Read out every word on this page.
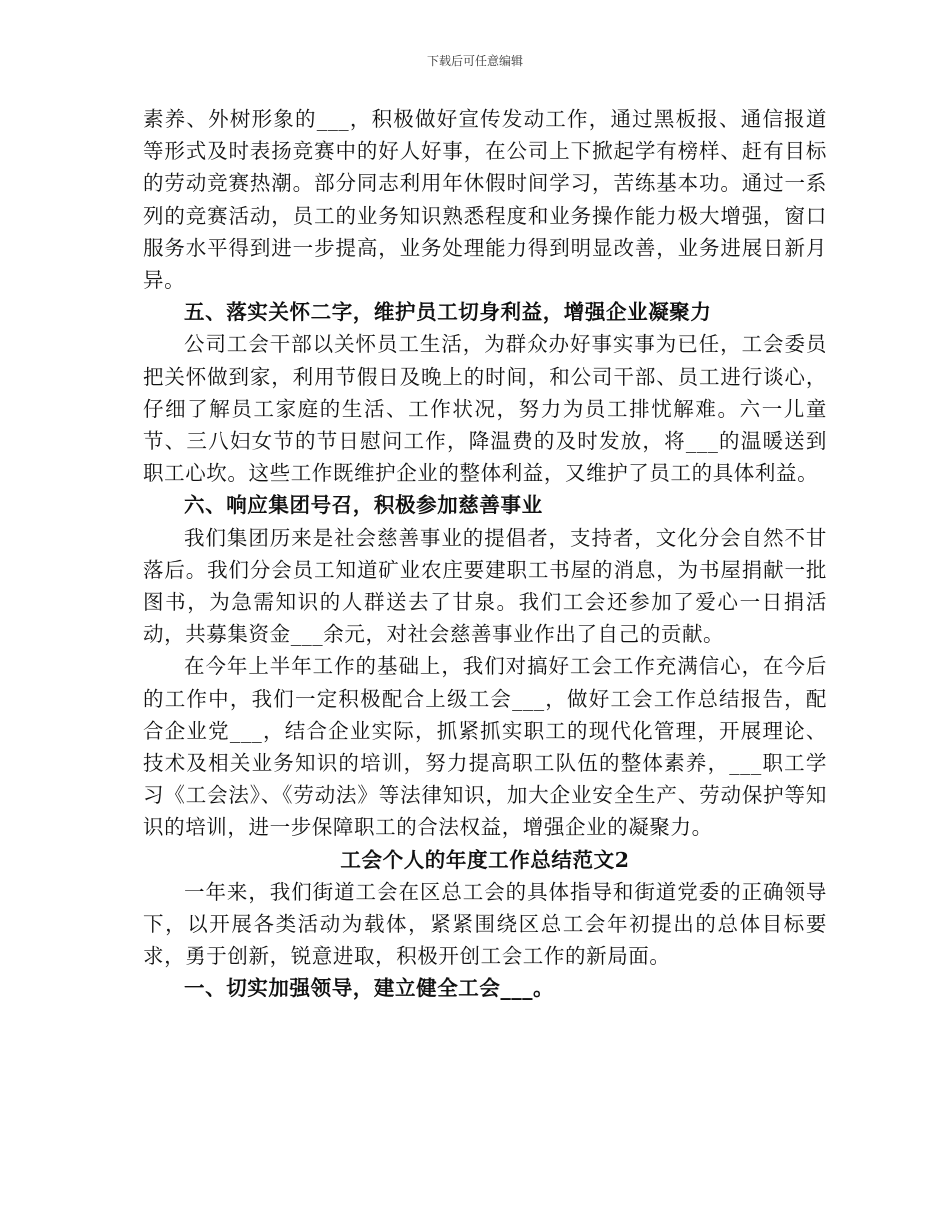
下载后可任意编辑

素养、外树形象的___，积极做好宣传发动工作，通过黑板报、通信报道等形式及时表扬竞赛中的好人好事，在公司上下掀起学有榜样、赶有目标的劳动竞赛热潮。部分同志利用年休假时间学习，苦练基本功。通过一系列的竞赛活动，员工的业务知识熟悉程度和业务操作能力极大增强，窗口服务水平得到进一步提高，业务处理能力得到明显改善，业务进展日新月异。

五、落实关怀二字，维护员工切身利益，增强企业凝聚力

公司工会干部以关怀员工生活，为群众办好事实事为已任，工会委员把关怀做到家，利用节假日及晚上的时间，和公司干部、员工进行谈心，仔细了解员工家庭的生活、工作状况，努力为员工排忧解难。六一儿童节、三八妇女节的节日慰问工作，降温费的及时发放，将___的温暖送到职工心坎。这些工作既维护企业的整体利益，又维护了员工的具体利益。

六、响应集团号召，积极参加慈善事业

我们集团历来是社会慈善事业的提倡者，支持者，文化分会自然不甘落后。我们分会员工知道矿业农庄要建职工书屋的消息，为书屋捐献一批图书，为急需知识的人群送去了甘泉。我们工会还参加了爱心一日捐活动，共募集资金___余元，对社会慈善事业作出了自己的贡献。

在今年上半年工作的基础上，我们对搞好工会工作充满信心，在今后的工作中，我们一定积极配合上级工会___，做好工会工作总结报告，配合企业党___，结合企业实际，抓紧抓实职工的现代化管理，开展理论、技术及相关业务知识的培训，努力提高职工队伍的整体素养，___职工学习《工会法》、《劳动法》等法律知识，加大企业安全生产、劳动保护等知识的培训，进一步保障职工的合法权益，增强企业的凝聚力。

工会个人的年度工作总结范文2

一年来，我们街道工会在区总工会的具体指导和街道党委的正确领导下，以开展各类活动为载体，紧紧围绕区总工会年初提出的总体目标要求，勇于创新，锐意进取，积极开创工会工作的新局面。

一、切实加强领导，建立健全工会___。
